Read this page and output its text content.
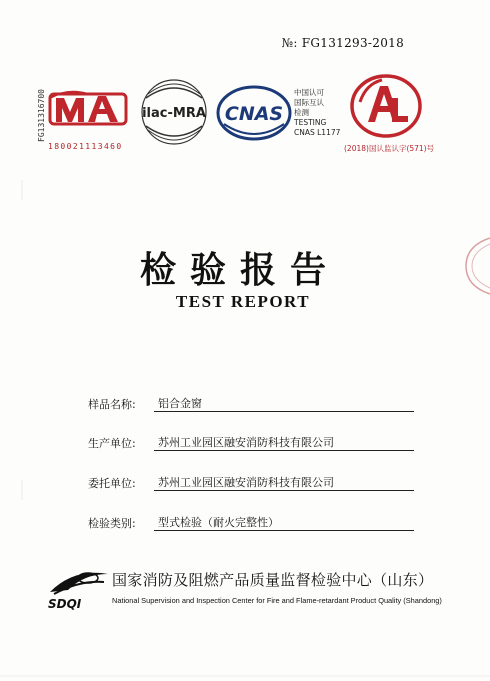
№: FG131293-2018
FG131316700
180021113460
ilac-MRA CNAS
中国认可
国际互认
检测
TESTING
CNAS L1177
(2018)国认监认字(571)号
检验报告
TEST REPORT
样品名称:	铝合金窗
生产单位:	苏州工业园区融安消防科技有限公司
委托单位:	苏州工业园区融安消防科技有限公司
检验类别:	型式检验（耐火完整性）
SDQI
国家消防及阻燃产品质量监督检验中心（山东）
National Supervision and Inspection Center for Fire and Flame-retardant Product Quality (Shandong)
